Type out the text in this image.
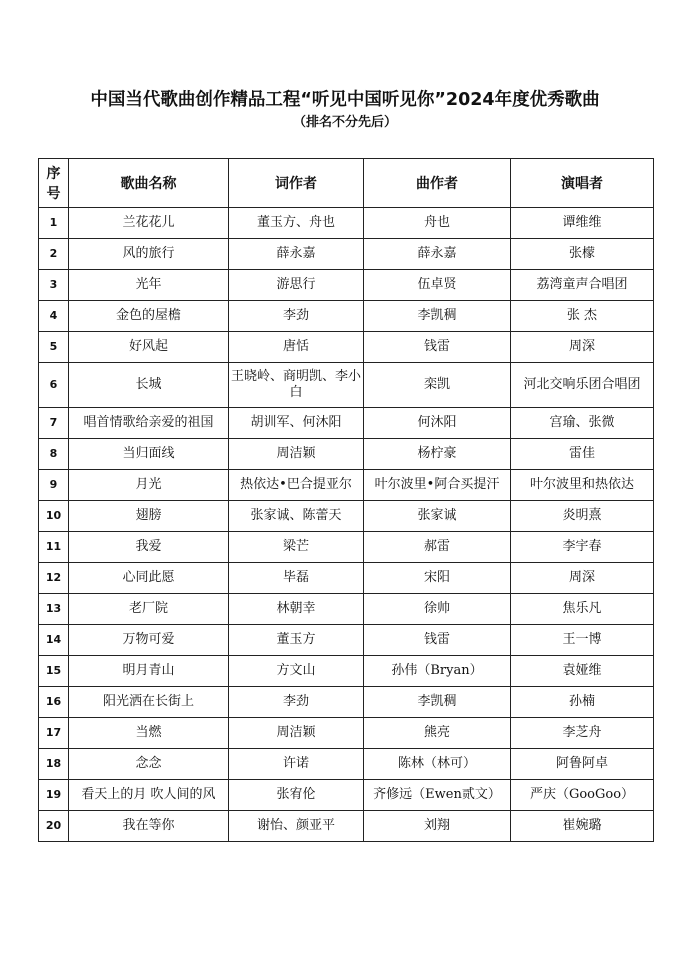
中国当代歌曲创作精品工程“听见中国听见你”2024年度优秀歌曲
（排名不分先后）
序号	歌曲名称	词作者	曲作者	演唱者
1	兰花花儿	董玉方、舟也	舟也	谭维维
2	风的旅行	薛永嘉	薛永嘉	张檬
3	光年	游思行	伍卓贤	荔湾童声合唱团
4	金色的屋檐	李劲	李凯稠	张 杰
5	好风起	唐恬	钱雷	周深
6	长城	王晓岭、商明凯、李小白	栾凯	河北交响乐团合唱团
7	唱首情歌给亲爱的祖国	胡训军、何沐阳	何沐阳	宫瑜、张微
8	当归面线	周洁颖	杨柠豪	雷佳
9	月光	热依达•巴合提亚尔	叶尔波里•阿合买提汗	叶尔波里和热依达
10	翅膀	张家诚、陈蕾天	张家诚	炎明熹
11	我爱	梁芒	郝雷	李宇春
12	心同此愿	毕磊	宋阳	周深
13	老厂院	林朝幸	徐帅	焦乐凡
14	万物可爱	董玉方	钱雷	王一博
15	明月青山	方文山	孙伟（Bryan）	袁娅维
16	阳光洒在长街上	李劲	李凯稠	孙楠
17	当燃	周洁颖	熊亮	李芝舟
18	念念	许诺	陈林（林可）	阿鲁阿卓
19	看天上的月 吹人间的风	张宥伦	齐修远（Ewen贰文）	严庆（GooGoo）
20	我在等你	谢怡、颜亚平	刘翔	崔婉璐
